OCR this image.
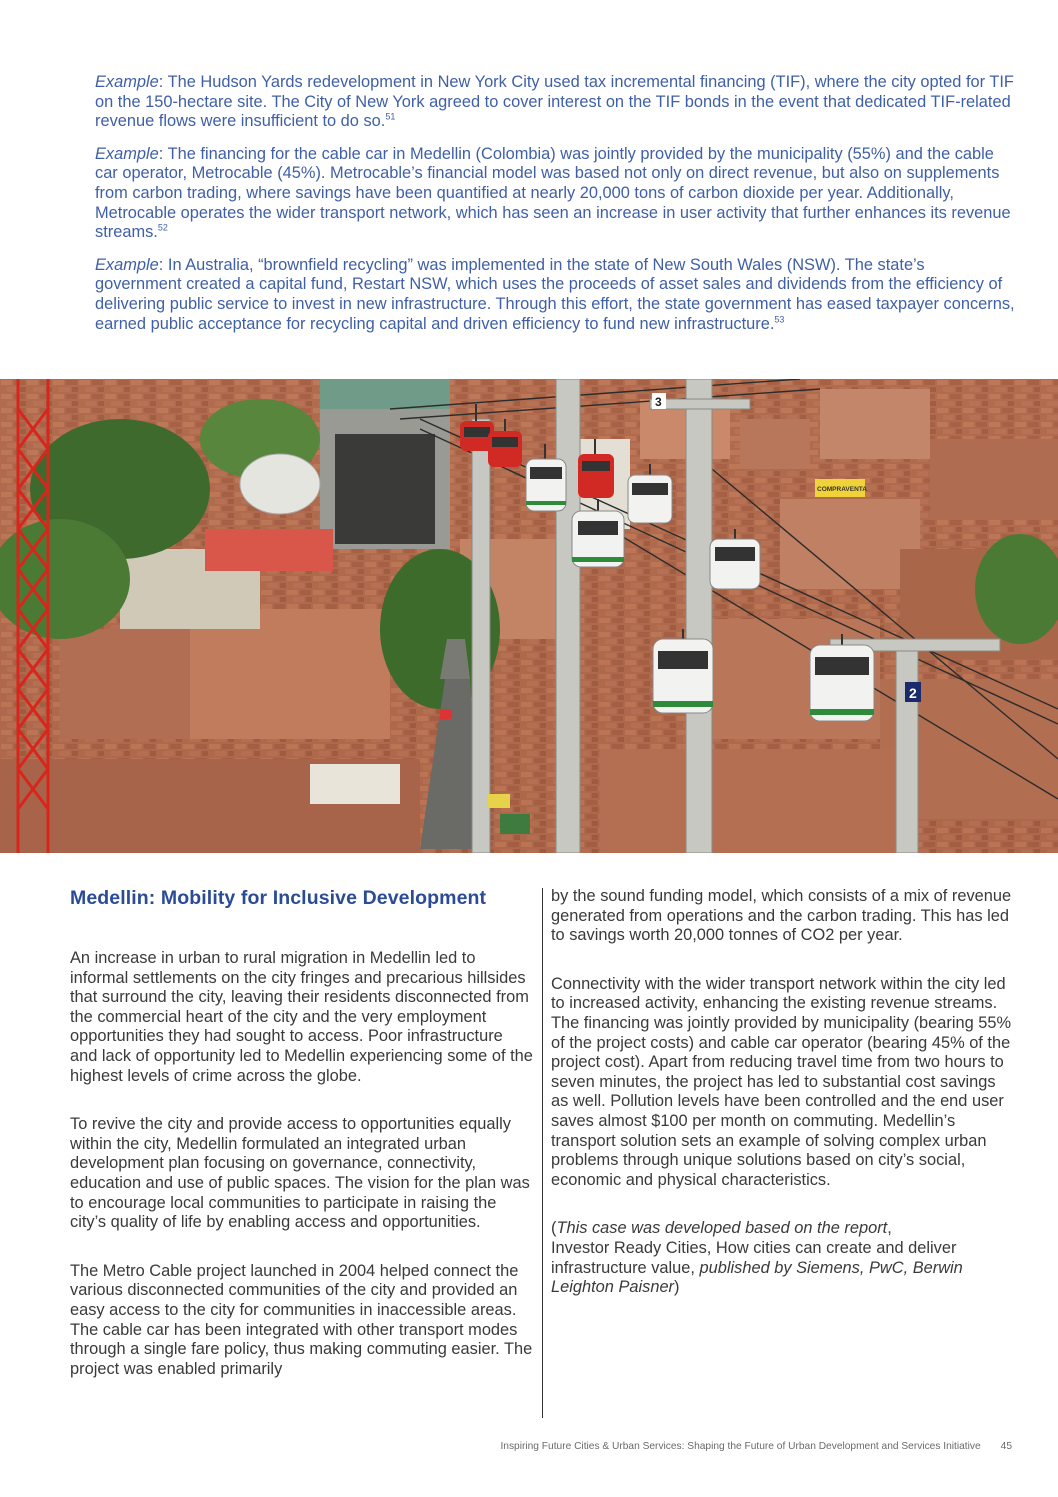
Example: The Hudson Yards redevelopment in New York City used tax incremental financing (TIF), where the city opted for TIF on the 150-hectare site. The City of New York agreed to cover interest on the TIF bonds in the event that dedicated TIF-related revenue flows were insufficient to do so.$^{51}$

Example: The financing for the cable car in Medellin (Colombia) was jointly provided by the municipality (55%) and the cable car operator, Metrocable (45%). Metrocable’s financial model was based not only on direct revenue, but also on supplements from carbon trading, where savings have been quantified at nearly 20,000 tons of carbon dioxide per year. Additionally, Metrocable operates the wider transport network, which has seen an increase in user activity that further enhances its revenue streams.$^{52}$

Example: In Australia, “brownfield recycling” was implemented in the state of New South Wales (NSW). The state’s government created a capital fund, Restart NSW, which uses the proceeds of asset sales and dividends from the efficiency of delivering public service to invest in new infrastructure. Through this effort, the state government has eased taxpayer concerns, earned public acceptance for recycling capital and driven efficiency to fund new infrastructure.$^{53}$

3
2
COMPRAVENTA
Medellin: Mobility for Inclusive Development

An increase in urban to rural migration in Medellin led to informal settlements on the city fringes and precarious hillsides that surround the city, leaving their residents disconnected from the commercial heart of the city and the very employment opportunities they had sought to access. Poor infrastructure and lack of opportunity led to Medellin experiencing some of the highest levels of crime across the globe.

To revive the city and provide access to opportunities equally within the city, Medellin formulated an integrated urban development plan focusing on governance, connectivity, education and use of public spaces. The vision for the plan was to encourage local communities to participate in raising the city’s quality of life by enabling access and opportunities.

The Metro Cable project launched in 2004 helped connect the various disconnected communities of the city and provided an easy access to the city for communities in inaccessible areas. The cable car has been integrated with other transport modes through a single fare policy, thus making commuting easier. The project was enabled primarily

by the sound funding model, which consists of a mix of revenue generated from operations and the carbon trading. This has led to savings worth 20,000 tonnes of CO2 per year.

Connectivity with the wider transport network within the city led to increased activity, enhancing the existing revenue streams. The financing was jointly provided by municipality (bearing 55% of the project costs) and cable car operator (bearing 45% of the project cost). Apart from reducing travel time from two hours to seven minutes, the project has led to substantial cost savings as well. Pollution levels have been controlled and the end user saves almost $100 per month on commuting. Medellin’s transport solution sets an example of solving complex urban problems through unique solutions based on city’s social, economic and physical characteristics.

(This case was developed based on the report,
Investor Ready Cities, How cities can create and deliver infrastructure value, published by Siemens, PwC, Berwin Leighton Paisner)

Inspiring Future Cities & Urban Services: Shaping the Future of Urban Development and Services Initiative 45
